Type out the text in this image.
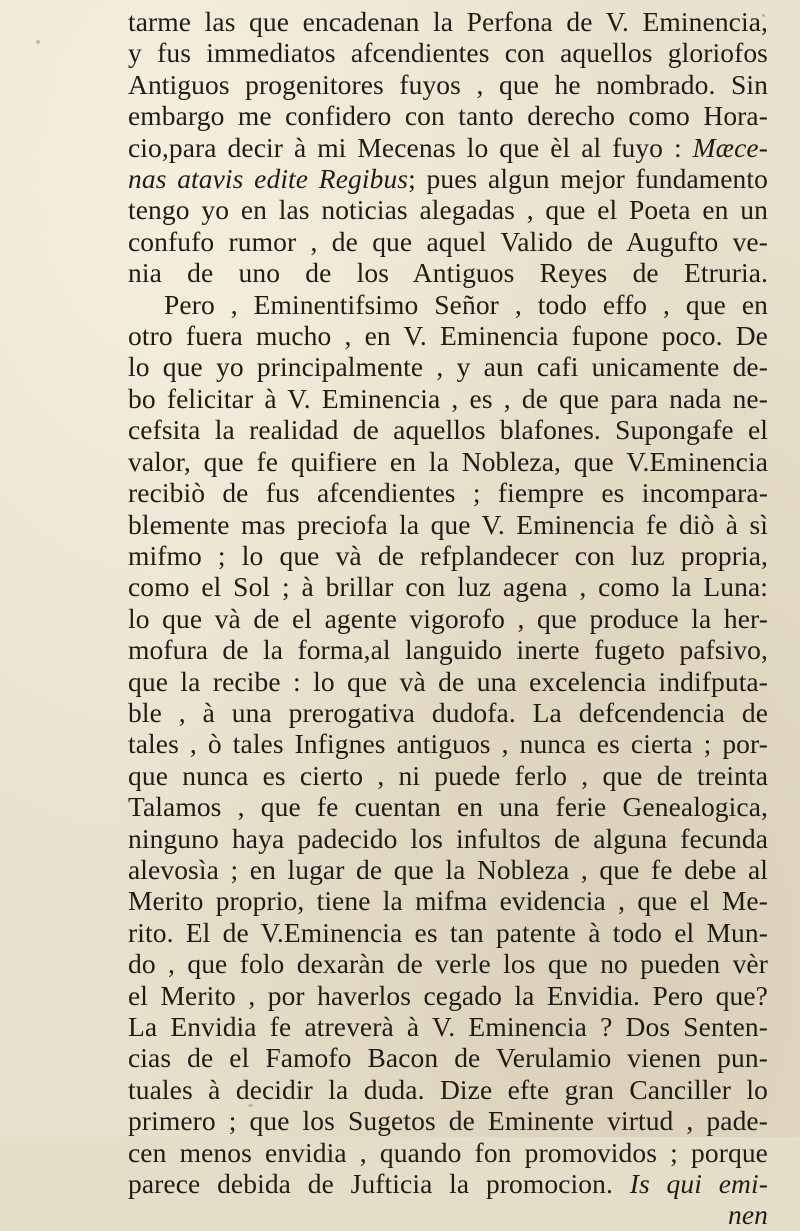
tarme las que encadenan la Perfona de V. Eminencia,
y fus immediatos afcendientes con aquellos gloriofos
Antiguos progenitores fuyos , que he nombrado. Sin
embargo me confidero con tanto derecho como Hora-
cio,para decir à mi Mecenas lo que èl al fuyo : Mæce-
nas atavis edite Regibus; pues algun mejor fundamento
tengo yo en las noticias alegadas , que el Poeta en un
confufo rumor , de que aquel Valido de Augufto ve-
nia de uno de los Antiguos Reyes de Etruria.
Pero , Eminentifsimo Señor , todo effo , que en
otro fuera mucho , en V. Eminencia fupone poco. De
lo que yo principalmente , y aun cafi unicamente de-
bo felicitar à V. Eminencia , es , de que para nada ne-
cefsita la realidad de aquellos blafones. Supongafe el
valor, que fe quifiere en la Nobleza, que V.Eminencia
recibiò de fus afcendientes ; fiempre es incompara-
blemente mas preciofa la que V. Eminencia fe diò à sì
mifmo ; lo que và de refplandecer con luz propria,
como el Sol ; à brillar con luz agena , como la Luna:
lo que và de el agente vigorofo , que produce la her-
mofura de la forma,al languido inerte fugeto pafsivo,
que la recibe : lo que và de una excelencia indifputa-
ble , à una prerogativa dudofa. La defcendencia de
tales , ò tales Infignes antiguos , nunca es cierta ; por-
que nunca es cierto , ni puede ferlo , que de treinta
Talamos , que fe cuentan en una ferie Genealogica,
ninguno haya padecido los infultos de alguna fecunda
alevosìa ; en lugar de que la Nobleza , que fe debe al
Merito proprio, tiene la mifma evidencia , que el Me-
rito. El de V.Eminencia es tan patente à todo el Mun-
do , que folo dexaràn de verle los que no pueden vèr
el Merito , por haverlos cegado la Envidia. Pero que?
La Envidia fe atreverà à V. Eminencia ? Dos Senten-
cias de el Famofo Bacon de Verulamio vienen pun-
tuales à decidir la duda. Dize efte gran Canciller lo
primero ; que los Sugetos de Eminente virtud , pade-
cen menos envidia , quando fon promovidos ; porque
parece debida de Jufticia la promocion. Is qui emi-
nen
